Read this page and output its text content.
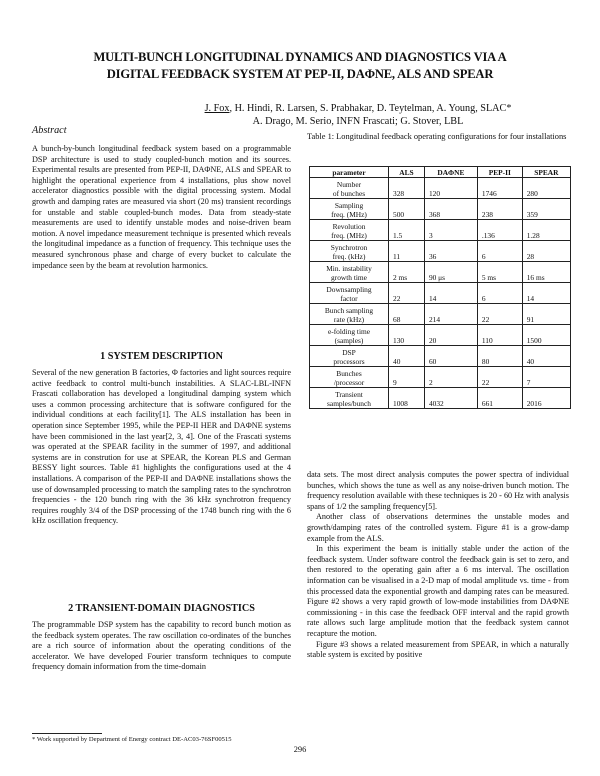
MULTI-BUNCH LONGITUDINAL DYNAMICS AND DIAGNOSTICS VIA A
DIGITAL FEEDBACK SYSTEM AT PEP-II, DAΦNE, ALS AND SPEAR
J. Fox, H. Hindi, R. Larsen, S. Prabhakar, D. Teytelman, A. Young, SLAC*
A. Drago, M. Serio, INFN Frascati; G. Stover, LBL
Abstract

A bunch-by-bunch longitudinal feedback system based on a programmable DSP architecture is used to study coupled-bunch motion and its sources. Experimental results are presented from PEP-II, DAΦNE, ALS and SPEAR to highlight the operational experience from 4 installations, plus show novel accelerator diagnostics possible with the digital processing system. Modal growth and damping rates are measured via short (20 ms) transient recordings for unstable and stable coupled-bunch modes. Data from steady-state measurements are used to identify unstable modes and noise-driven beam motion. A novel impedance measurement technique is presented which reveals the longitudinal impedance as a function of frequency. This technique uses the measured synchronous phase and charge of every bucket to calculate the impedance seen by the beam at revolution harmonics.

1 SYSTEM DESCRIPTION

Several of the new generation B factories, Φ factories and light sources require active feedback to control multi-bunch instabilities. A SLAC-LBL-INFN Frascati collaboration has developed a longitudinal damping system which uses a common processing architecture that is software configured for the individual conditions at each facility[1]. The ALS installation has been in operation since September 1995, while the PEP-II HER and DAΦNE systems have been commisioned in the last year[2, 3, 4]. One of the Frascati systems was operated at the SPEAR facility in the summer of 1997, and additional systems are in constrution for use at SPEAR, the Korean PLS and German BESSY light sources. Table #1 highlights the configurations used at the 4 installations. A comparison of the PEP-II and DAΦNE installations shows the use of downsampled processing to match the sampling rates to the synchrotron frequencies - the 120 bunch ring with the 36 kHz synchrotron frequency requires roughly 3/4 of the DSP processing of the 1748 bunch ring with the 6 kHz oscillation frequency.

2 TRANSIENT-DOMAIN DIAGNOSTICS

The programmable DSP system has the capability to record bunch motion as the feedback system operates. The raw oscillation co-ordinates of the bunches are a rich source of information about the operating conditions of the accelerator. We have developed Fourier transform techniques to compute frequency domain information from the time-domain

* Work supported by Department of Energy contract DE-AC03-76SF00515
Table 1: Longitudinal feedback operating configurations for four installations
parameter	ALS	DAΦNE	PEP-II	SPEAR

Number
of bunches	328	120	1746	280

Sampling
freq. (MHz)	500	368	238	359

Revolution
freq. (MHz)	1.5	3	.136	1.28

Synchrotron
freq. (kHz)	11	36	6	28

Min. instability
growth time	2 ms	90 μs	5 ms	16 ms

Downsampling
factor	22	14	6	14

Bunch sampling
rate (kHz)	68	214	22	91

e-folding time
(samples)	130	20	110	1500

DSP
processors	40	60	80	40

Bunches
/processor	9	2	22	7

Transient
samples/bunch	1008	4032	661	2016

data sets. The most direct analysis computes the power spectra of individual bunches, which shows the tune as well as any noise-driven bunch motion. The frequency resolution available with these techniques is 20 - 60 Hz with analysis spans of 1/2 the sampling frequency[5].

Another class of observations determines the unstable modes and growth/damping rates of the controlled system. Figure #1 is a grow-damp example from the ALS.

In this experiment the beam is initially stable under the action of the feedback system. Under software control the feedback gain is set to zero, and then restored to the operating gain after a 6 ms interval. The oscillation information can be visualised in a 2-D map of modal amplitude vs. time - from this processed data the exponential growth and damping rates can be measured. Figure #2 shows a very rapid growth of low-mode instabilities from DAΦNE commissioning - in this case the feedback OFF interval and the rapid growth rate allows such large amplitude motion that the feedback system cannot recapture the motion.

Figure #3 shows a related measurement from SPEAR, in which a naturally stable system is excited by positive

296
